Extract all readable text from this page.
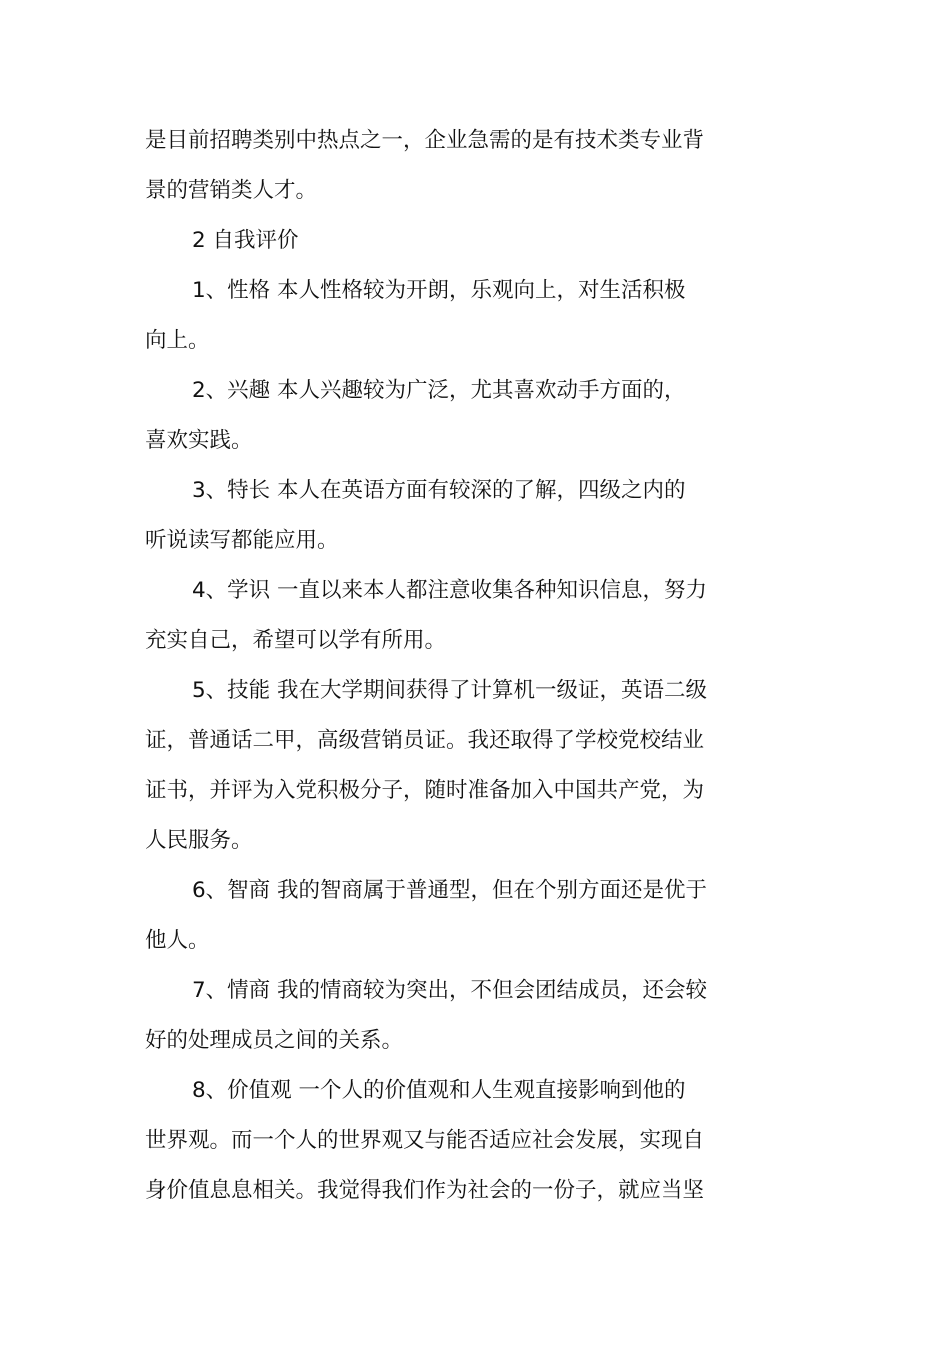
是目前招聘类别中热点之一，企业急需的是有技术类专业背
景的营销类人才。
2 自我评价
1、性格 本人性格较为开朗，乐观向上，对生活积极
向上。
2、兴趣 本人兴趣较为广泛，尤其喜欢动手方面的，
喜欢实践。
3、特长 本人在英语方面有较深的了解，四级之内的
听说读写都能应用。
4、学识 一直以来本人都注意收集各种知识信息，努力
充实自己，希望可以学有所用。
5、技能 我在大学期间获得了计算机一级证，英语二级
证，普通话二甲，高级营销员证。我还取得了学校党校结业
证书，并评为入党积极分子，随时准备加入中国共产党，为
人民服务。
6、智商 我的智商属于普通型，但在个别方面还是优于
他人。
7、情商 我的情商较为突出，不但会团结成员，还会较
好的处理成员之间的关系。
8、价值观 一个人的价值观和人生观直接影响到他的
世界观。而一个人的世界观又与能否适应社会发展，实现自
身价值息息相关。我觉得我们作为社会的一份子，就应当坚
